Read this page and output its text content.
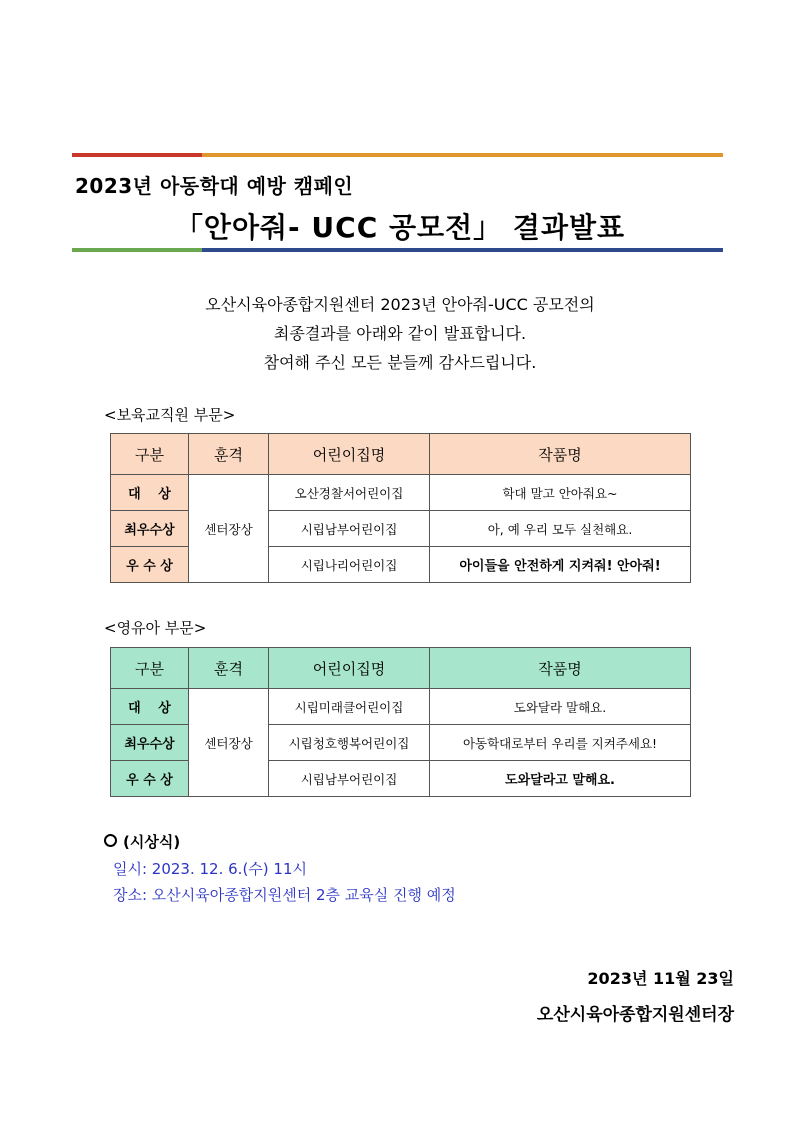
2023년 아동학대 예방 캠페인
「안아줘- UCC 공모전」 결과발표
오산시육아종합지원센터 2023년 안아줘-UCC 공모전의
최종결과를 아래와 같이 발표합니다.
참여해 주신 모든 분들께 감사드립니다.
<보육교직원 부문>
구분	훈격	어린이집명	작품명
대　 상	센터장상	오산경찰서어린이집	학대 말고 안아줘요~
최우수상		시립남부어린이집	아, 예 우리 모두 실천해요.
우 수 상		시립나리어린이집	아이들을 안전하게 지켜줘! 안아줘!
<영유아 부문>
구분	훈격	어린이집명	작품명
대　 상	센터장상	시립미래클어린이집	도와달라 말해요.
최우수상		시립청호행복어린이집	아동학대로부터 우리를 지켜주세요!
우 수 상		시립남부어린이집	도와달라고 말해요.
(시상식)
일시: 2023. 12. 6.(수) 11시
장소: 오산시육아종합지원센터 2층 교육실 진행 예정
2023년 11월 23일
오산시육아종합지원센터장
